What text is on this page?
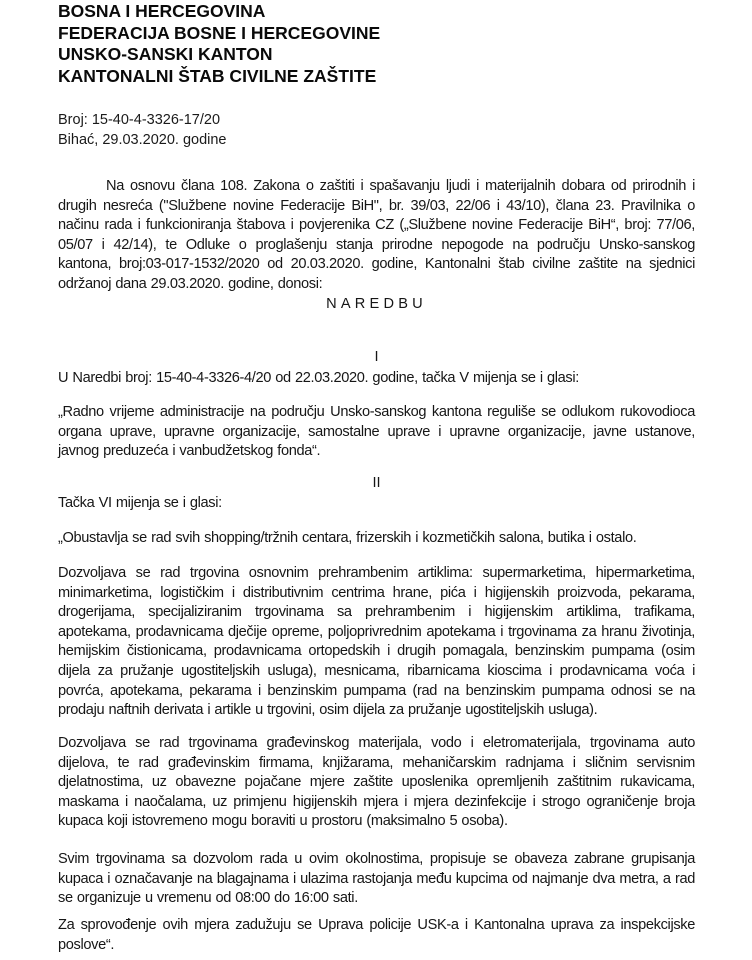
BOSNA I HERCEGOVINA
FEDERACIJA BOSNE I HERCEGOVINE
UNSKO-SANSKI KANTON
KANTONALNI ŠTAB CIVILNE ZAŠTITE
Broj: 15-40-4-3326-17/20
Bihać, 29.03.2020. godine

Na osnovu člana 108. Zakona o zaštiti i spašavanju ljudi i materijalnih dobara od prirodnih i drugih nesreća ("Službene novine Federacije BiH", br. 39/03, 22/06 i 43/10), člana 23. Pravilnika o načinu rada i funkcioniranja štabova i povjerenika CZ („Službene novine Federacije BiH“, broj: 77/06, 05/07 i 42/14), te Odluke o proglašenju stanja prirodne nepogode na području Unsko-sanskog kantona, broj:03-017-1532/2020 od 20.03.2020. godine, Kantonalni štab civilne zaštite na sjednici održanoj dana 29.03.2020. godine, donosi:

NAREDBU
I

U Naredbi broj: 15-40-4-3326-4/20 od 22.03.2020. godine, tačka V mijenja se i glasi:

„Radno vrijeme administracije na području Unsko-sanskog kantona reguliše se odlukom rukovodioca organa uprave, upravne organizacije, samostalne uprave i upravne organizacije, javne ustanove, javnog preduzeća i vanbudžetskog fonda“.

II

Tačka VI mijenja se i glasi:

„Obustavlja se rad svih shopping/tržnih centara, frizerskih i kozmetičkih salona, butika i ostalo.

Dozvoljava se rad trgovina osnovnim prehrambenim artiklima: supermarketima, hipermarketima, minimarketima, logističkim i distributivnim centrima hrane, pića i higijenskih proizvoda, pekarama, drogerijama, specijaliziranim trgovinama sa prehrambenim i higijenskim artiklima, trafikama, apotekama, prodavnicama dječije opreme, poljoprivrednim apotekama i trgovinama za hranu životinja, hemijskim čistionicama, prodavnicama ortopedskih i drugih pomagala, benzinskim pumpama (osim dijela za pružanje ugostiteljskih usluga), mesnicama, ribarnicama kioscima i prodavnicama voća i povrća, apotekama, pekarama i benzinskim pumpama (rad na benzinskim pumpama odnosi se na prodaju naftnih derivata i artikle u trgovini, osim dijela za pružanje ugostiteljskih usluga).

Dozvoljava se rad trgovinama građevinskog materijala, vodo i eletromaterijala, trgovinama auto dijelova, te rad građevinskim firmama, knjižarama, mehaničarskim radnjama i sličnim servisnim djelatnostima, uz obavezne pojačane mjere zaštite uposlenika opremljenih zaštitnim rukavicama, maskama i naočalama, uz primjenu higijenskih mjera i mjera dezinfekcije i strogo ograničenje broja kupaca koji istovremeno mogu boraviti u prostoru (maksimalno 5 osoba).

Svim trgovinama sa dozvolom rada u ovim okolnostima, propisuje se obaveza zabrane grupisanja kupaca i označavanje na blagajnama i ulazima rastojanja među kupcima od najmanje dva metra, a rad se organizuje u vremenu od 08:00 do 16:00 sati.

Za sprovođenje ovih mjera zadužuju se Uprava policije USK-a i Kantonalna uprava za inspekcijske poslove“.
